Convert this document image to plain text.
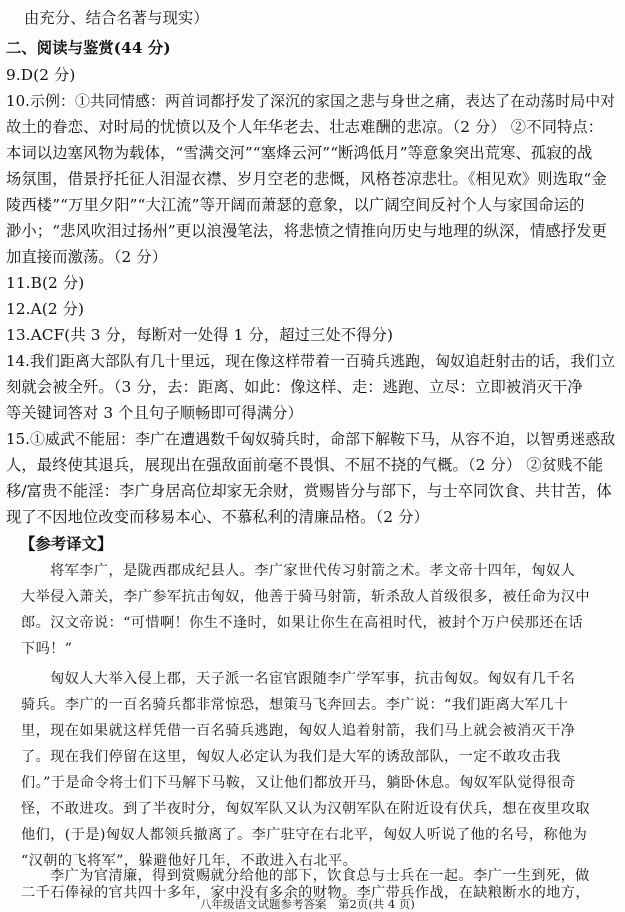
由充分、结合名著与现实）
二、阅读与鉴赏(44 分)
9.D(2 分)
10.示例：①共同情感：两首词都抒发了深沉的家国之悲与身世之痛，表达了在动荡时局中对
故土的眷恋、对时局的忧愤以及个人年华老去、壮志难酬的悲凉。（2 分） ②不同特点：
本词以边塞风物为载体，“雪满交河”“塞烽云河”“断鸿低月”等意象突出荒寒、孤寂的战
场氛围，借景抒托征人泪湿衣襟、岁月空老的悲慨，风格苍凉悲壮。《相见欢》则选取“金
陵西楼”“万里夕阳”“大江流”等开阔而萧瑟的意象，以广阔空间反衬个人与家国命运的
渺小；“悲风吹泪过扬州”更以浪漫笔法，将悲愤之情推向历史与地理的纵深，情感抒发更
加直接而激荡。（2 分）
11.B(2 分)
12.A(2 分)
13.ACF(共 3 分，每断对一处得 1 分，超过三处不得分)
14.我们距离大部队有几十里远，现在像这样带着一百骑兵逃跑，匈奴追赶射击的话，我们立
刻就会被全歼。（3 分，去：距离、如此：像这样、走：逃跑、立尽：立即被消灭干净
等关键词答对 3 个且句子顺畅即可得满分）
15.①威武不能屈：李广在遭遇数千匈奴骑兵时，命部下解鞍下马，从容不迫，以智勇迷惑敌
人，最终使其退兵，展现出在强敌面前毫不畏惧、不屈不挠的气概。（2 分） ②贫贱不能
移/富贵不能淫：李广身居高位却家无余财，赏赐皆分与部下，与士卒同饮食、共甘苦，体
现了不因地位改变而移易本心、不慕私利的清廉品格。（2 分）
【参考译文】
将军李广，是陇西郡成纪县人。李广家世代传习射箭之术。孝文帝十四年，匈奴人
大举侵入萧关，李广参军抗击匈奴，他善于骑马射箭，斩杀敌人首级很多，被任命为汉中
郎。汉文帝说：“可惜啊！你生不逢时，如果让你生在高祖时代，被封个万户侯那还在话
下吗！”
匈奴人大举入侵上郡，天子派一名宦官跟随李广学军事，抗击匈奴。匈奴有几千名
骑兵。李广的一百名骑兵都非常惊恐，想策马飞奔回去。李广说：“我们距离大军几十
里，现在如果就这样凭借一百名骑兵逃跑，匈奴人追着射箭，我们马上就会被消灭干净
了。现在我们停留在这里，匈奴人必定认为我们是大军的诱敌部队，一定不敢攻击我
们。”于是命令将士们下马解下马鞍，又让他们都放开马，躺卧休息。匈奴军队觉得很奇
怪，不敢进攻。到了半夜时分，匈奴军队又认为汉朝军队在附近设有伏兵，想在夜里攻取
他们，(于是)匈奴人都领兵撤离了。李广驻守在右北平，匈奴人听说了他的名号，称他为
“汉朝的飞将军”，躲避他好几年，不敢进入右北平。
李广为官清廉，得到赏赐就分给他的部下，饮食总与士兵在一起。李广一生到死，做
二千石俸禄的官共四十多年，家中没有多余的财物。李广带兵作战，在缺粮断水的地方，
八年级语文试题参考答案　第2页(共 4 页)
